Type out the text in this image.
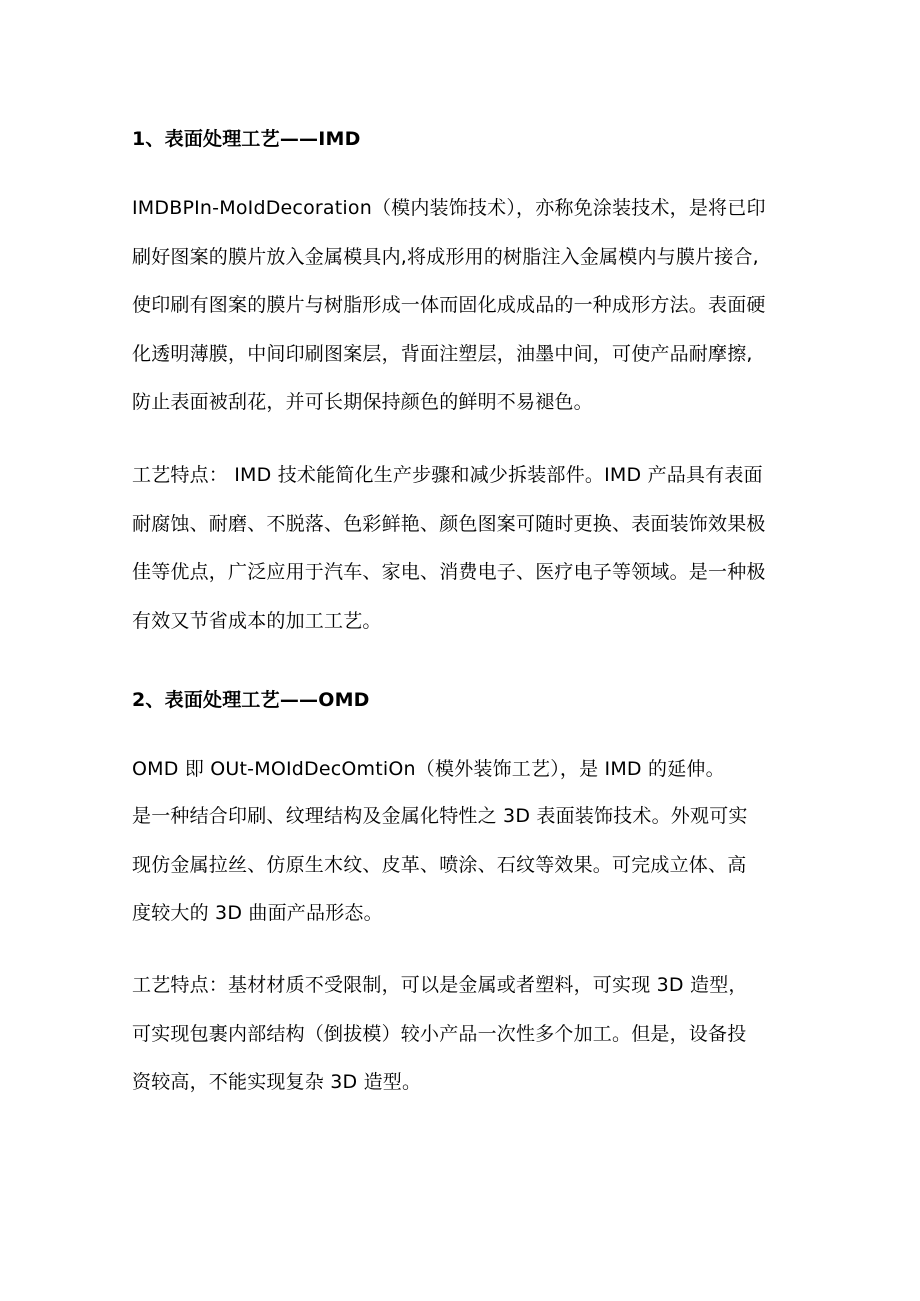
1、表面处理工艺——IMD
IMDBPIn-MoIdDecoration（模内装饰技术），亦称免涂装技术，是将已印
刷好图案的膜片放入金属模具内,将成形用的树脂注入金属模内与膜片接合,
使印刷有图案的膜片与树脂形成一体而固化成成品的一种成形方法。表面硬
化透明薄膜，中间印刷图案层，背面注塑层，油墨中间，可使产品耐摩擦,
防止表面被刮花，并可长期保持颜色的鲜明不易褪色。
工艺特点： IMD 技术能简化生产步骤和减少拆装部件。IMD 产品具有表面
耐腐蚀、耐磨、不脱落、色彩鲜艳、颜色图案可随时更换、表面装饰效果极
佳等优点，广泛应用于汽车、家电、消费电子、医疗电子等领域。是一种极
有效又节省成本的加工工艺。
2、表面处理工艺——OMD
OMD 即 OUt-MOIdDecOmtiOn（模外装饰工艺），是 IMD 的延伸。
是一种结合印刷、纹理结构及金属化特性之 3D 表面装饰技术。外观可实
现仿金属拉丝、仿原生木纹、皮革、喷涂、石纹等效果。可完成立体、高
度较大的 3D 曲面产品形态。
工艺特点：基材材质不受限制，可以是金属或者塑料，可实现 3D 造型，
可实现包裹内部结构（倒拔模）较小产品一次性多个加工。但是，设备投
资较高，不能实现复杂 3D 造型。
